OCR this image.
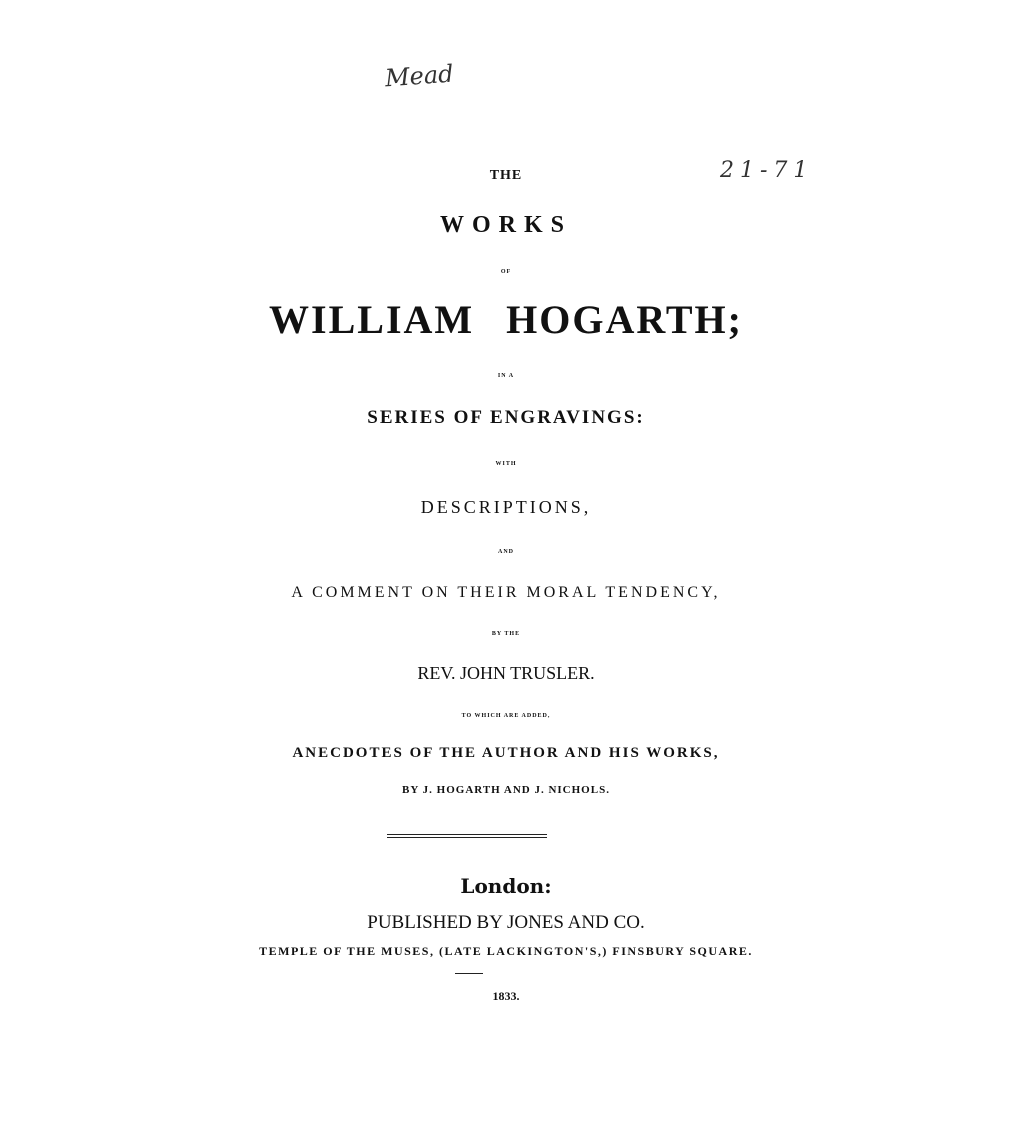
Mead
21-71
THE
WORKS
OF
WILLIAM HOGARTH;
IN A
SERIES OF ENGRAVINGS:
WITH
DESCRIPTIONS,
AND
A COMMENT ON THEIR MORAL TENDENCY,
BY THE
REV. JOHN TRUSLER.
TO WHICH ARE ADDED,
ANECDOTES OF THE AUTHOR AND HIS WORKS,
BY J. HOGARTH AND J. NICHOLS.
London:
PUBLISHED BY JONES AND CO.
TEMPLE OF THE MUSES, (LATE LACKINGTON'S,) FINSBURY SQUARE.
1833.
